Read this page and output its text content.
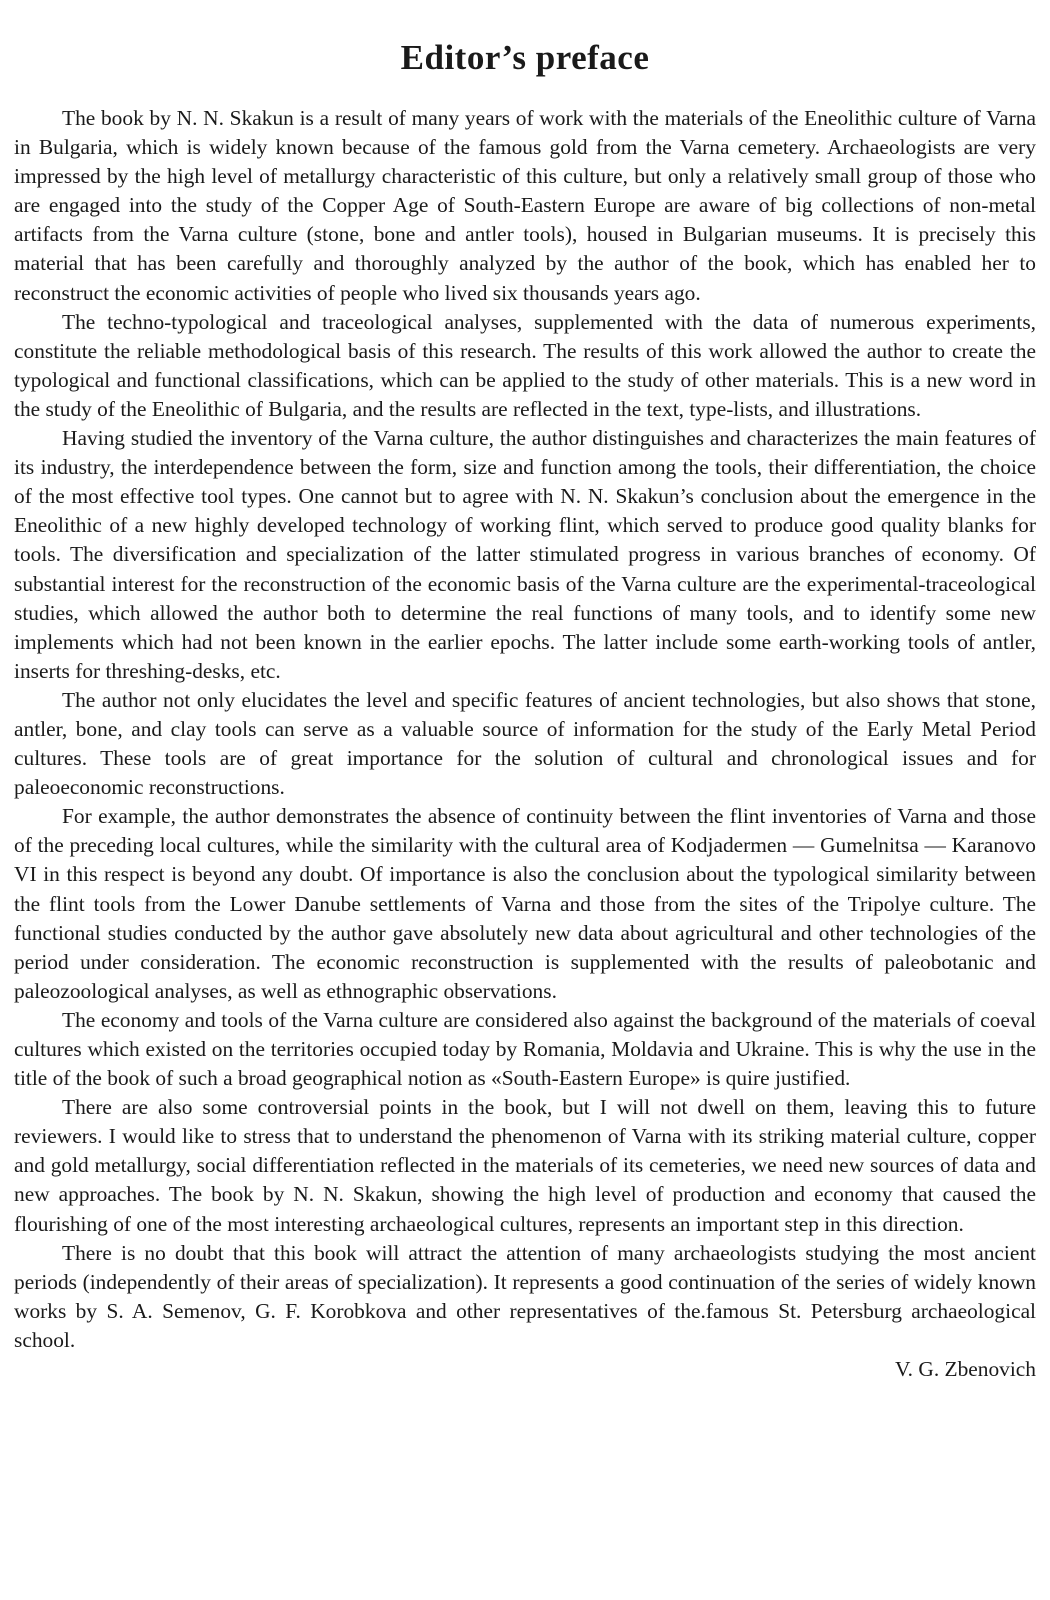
Editor’s preface

The book by N. N. Skakun is a result of many years of work with the materials of the Eneolithic culture of Varna in Bulgaria, which is widely known because of the famous gold from the Varna cemetery. Archaeologists are very impressed by the high level of metallurgy characteristic of this culture, but only a relatively small group of those who are engaged into the study of the Copper Age of South-Eastern Europe are aware of big collections of non-metal artifacts from the Varna culture (stone, bone and antler tools), housed in Bulgarian museums. It is precisely this material that has been carefully and thoroughly analyzed by the author of the book, which has enabled her to reconstruct the economic activities of people who lived six thousands years ago.

The techno-typological and traceological analyses, supplemented with the data of numerous experiments, constitute the reliable methodological basis of this research. The results of this work allowed the author to create the typological and functional classifications, which can be applied to the study of other materials. This is a new word in the study of the Eneolithic of Bulgaria, and the results are reflected in the text, type-lists, and illustrations.

Having studied the inventory of the Varna culture, the author distinguishes and characterizes the main features of its industry, the interdependence between the form, size and function among the tools, their differentiation, the choice of the most effective tool types. One cannot but to agree with N. N. Skakun’s conclusion about the emergence in the Eneolithic of a new highly developed technology of working flint, which served to produce good quality blanks for tools. The diversification and specialization of the latter stimulated progress in various branches of economy. Of substantial interest for the reconstruction of the economic basis of the Varna culture are the experimental-traceological studies, which allowed the author both to determine the real functions of many tools, and to identify some new implements which had not been known in the earlier epochs. The latter include some earth-working tools of antler, inserts for threshing-desks, etc.

The author not only elucidates the level and specific features of ancient technologies, but also shows that stone, antler, bone, and clay tools can serve as a valuable source of information for the study of the Early Metal Period cultures. These tools are of great importance for the solution of cultural and chronological issues and for paleoeconomic reconstructions.

For example, the author demonstrates the absence of continuity between the flint inventories of Varna and those of the preceding local cultures, while the similarity with the cultural area of Kodjadermen — Gumelnitsa — Karanovo VI in this respect is beyond any doubt. Of importance is also the conclusion about the typological similarity between the flint tools from the Lower Danube settlements of Varna and those from the sites of the Tripolye culture. The functional studies conducted by the author gave absolutely new data about agricultural and other technologies of the period under consideration. The economic reconstruction is supplemented with the results of paleobotanic and paleozoological analyses, as well as ethnographic observations.

The economy and tools of the Varna culture are considered also against the background of the materials of coeval cultures which existed on the territories occupied today by Romania, Moldavia and Ukraine. This is why the use in the title of the book of such a broad geographical notion as «South-Eastern Europe» is quire justified.

There are also some controversial points in the book, but I will not dwell on them, leaving this to future reviewers. I would like to stress that to understand the phenomenon of Varna with its striking material culture, copper and gold metallurgy, social differentiation reflected in the materials of its cemeteries, we need new sources of data and new approaches. The book by N. N. Skakun, showing the high level of production and economy that caused the flourishing of one of the most interesting archaeological cultures, represents an important step in this direction.

There is no doubt that this book will attract the attention of many archaeologists studying the most ancient periods (independently of their areas of specialization). It represents a good continuation of the series of widely known works by S. A. Semenov, G. F. Korobkova and other representatives of the.famous St. Petersburg archaeological school.

V. G. Zbenovich
